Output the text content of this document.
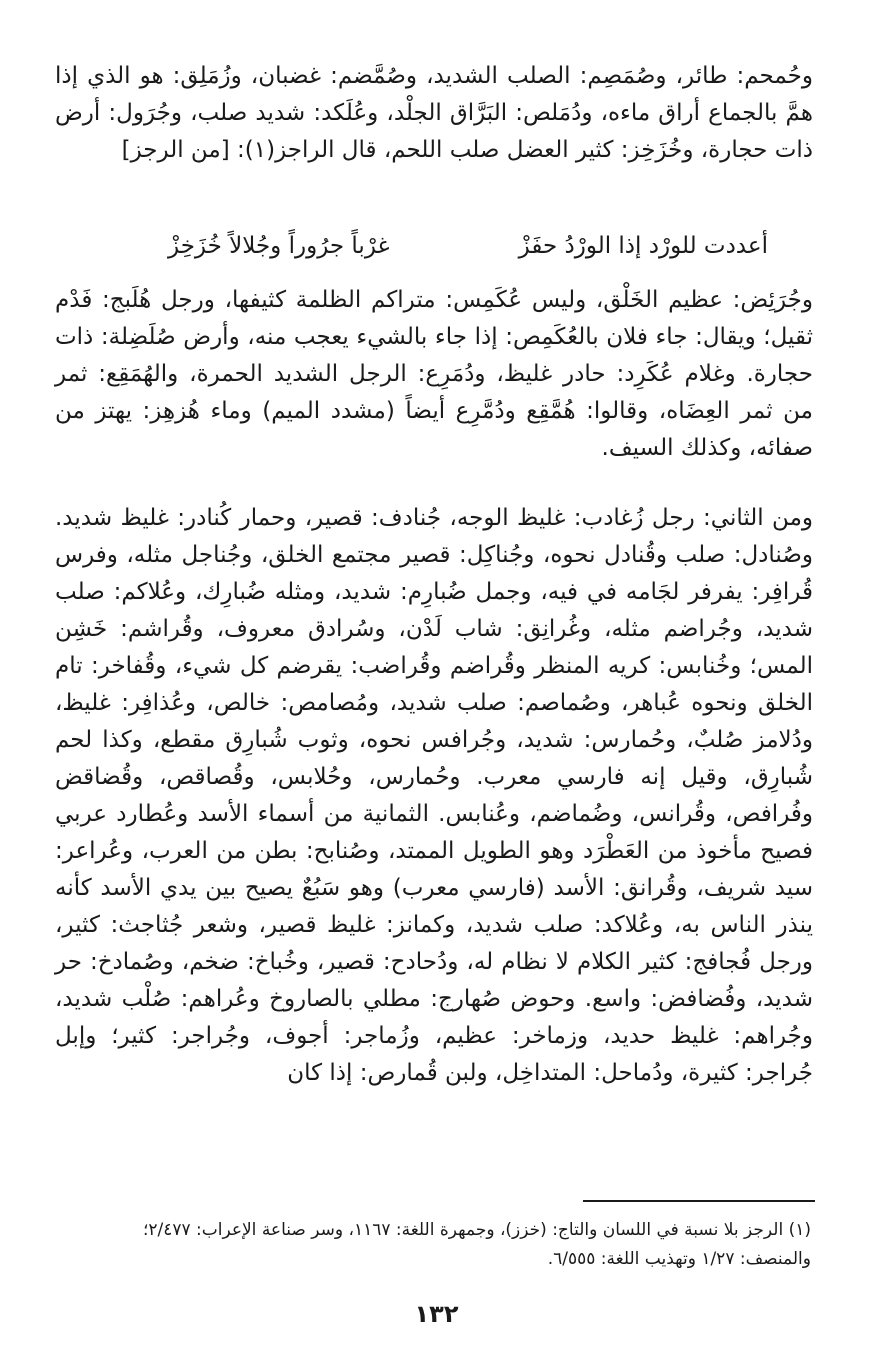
وحُمحم: طائر، وصُمَصِم: الصلب الشديد، وصُمَّضم: غضبان، وزُمَلِق: هو الذي إذا همَّ بالجماع أراق ماءه، ودُمَلص: البَرَّاق الجلْد، وعُلَكد: شديد صلب، وجُرَول: أرض ذات حجارة، وخُزَخِز: كثير العضل صلب اللحم، قال الراجز(١): [من الرجز]

أعددت للورْد إذا الورْدُ حفَزْ
غرْباً جرُوراً وجُلالاً خُزَخِزْ

وجُرَئِض: عظيم الخَلْق، وليس عُكَمِس: متراكم الظلمة كثيفها، ورجل هُلَبج: فَدْم ثقيل؛ ويقال: جاء فلان بالعُكَمِص: إذا جاء بالشيء يعجب منه، وأرض صُلَضِلة: ذات حجارة. وغلام عُكَرِد: حادر غليظ، ودُمَرِع: الرجل الشديد الحمرة، والهُمَقِع: ثمر من ثمر العِضَاه، وقالوا: هُمَّقِع ودُمَّرِع أيضاً (مشدد الميم) وماء هُزهِز: يهتز من صفائه، وكذلك السيف.

ومن الثاني: رجل زُغادب: غليظ الوجه، جُنادف: قصير، وحمار كُنادر: غليظ شديد. وصُنادل: صلب وقُنادل نحوه، وجُناكِل: قصير مجتمع الخلق، وجُناجل مثله، وفرس قُرافِر: يفرفر لجَامه في فيه، وجمل ضُبارِم: شديد، ومثله ضُبارِك، وعُلاكم: صلب شديد، وجُراضم مثله، وغُرانِق: شاب لَدْن، وسُرادق معروف، وقُراشم: خَشِن المس؛ وخُنابس: كريه المنظر وقُراضم وقُراضب: يقرضم كل شيء، وقُفاخر: تام الخلق ونحوه عُباهر، وصُماصم: صلب شديد، ومُصامص: خالص، وعُذافِر: غليظ، ودُلامز صُلبٌ، وحُمارس: شديد، وجُرافس نحوه، وثوب شُبارِق مقطع، وكذا لحم شُبارِق، وقيل إنه فارسي معرب. وحُمارس، وحُلابس، وقُصاقص، وقُضاقض وفُرافص، وقُرانس، وضُماضم، وعُنابس. الثمانية من أسماء الأسد وعُطارد عربي فصيح مأخوذ من العَطْرَد وهو الطويل الممتد، وصُنابح: بطن من العرب، وعُراعر: سيد شريف، وقُرانق: الأسد (فارسي معرب) وهو سَبُعٌ يصيح بين يدي الأسد كأنه ينذر الناس به، وعُلاكد: صلب شديد، وكمانز: غليظ قصير، وشعر جُثاجث: كثير، ورجل فُجافج: كثير الكلام لا نظام له، ودُحادح: قصير، وخُباخ: ضخم، وصُمادخ: حر شديد، وفُضافض: واسع. وحوض صُهارج: مطلي بالصاروخ وعُراهم: صُلْب شديد، وجُراهم: غليظ حديد، وزماخر: عظيم، وزُماجر: أجوف، وجُراجر: كثير؛ وإبل جُراجر: كثيرة، ودُماحل: المتداخِل، ولبن قُمارص: إذا كان

(١) الرجز بلا نسبة في اللسان والتاج: (خزز)، وجمهرة اللغة: ١١٦٧، وسر صناعة الإعراب: ٢/٤٧٧؛

والمنصف: ١/٢٧ وتهذيب اللغة: ٦/٥٥٥.

١٣٢
